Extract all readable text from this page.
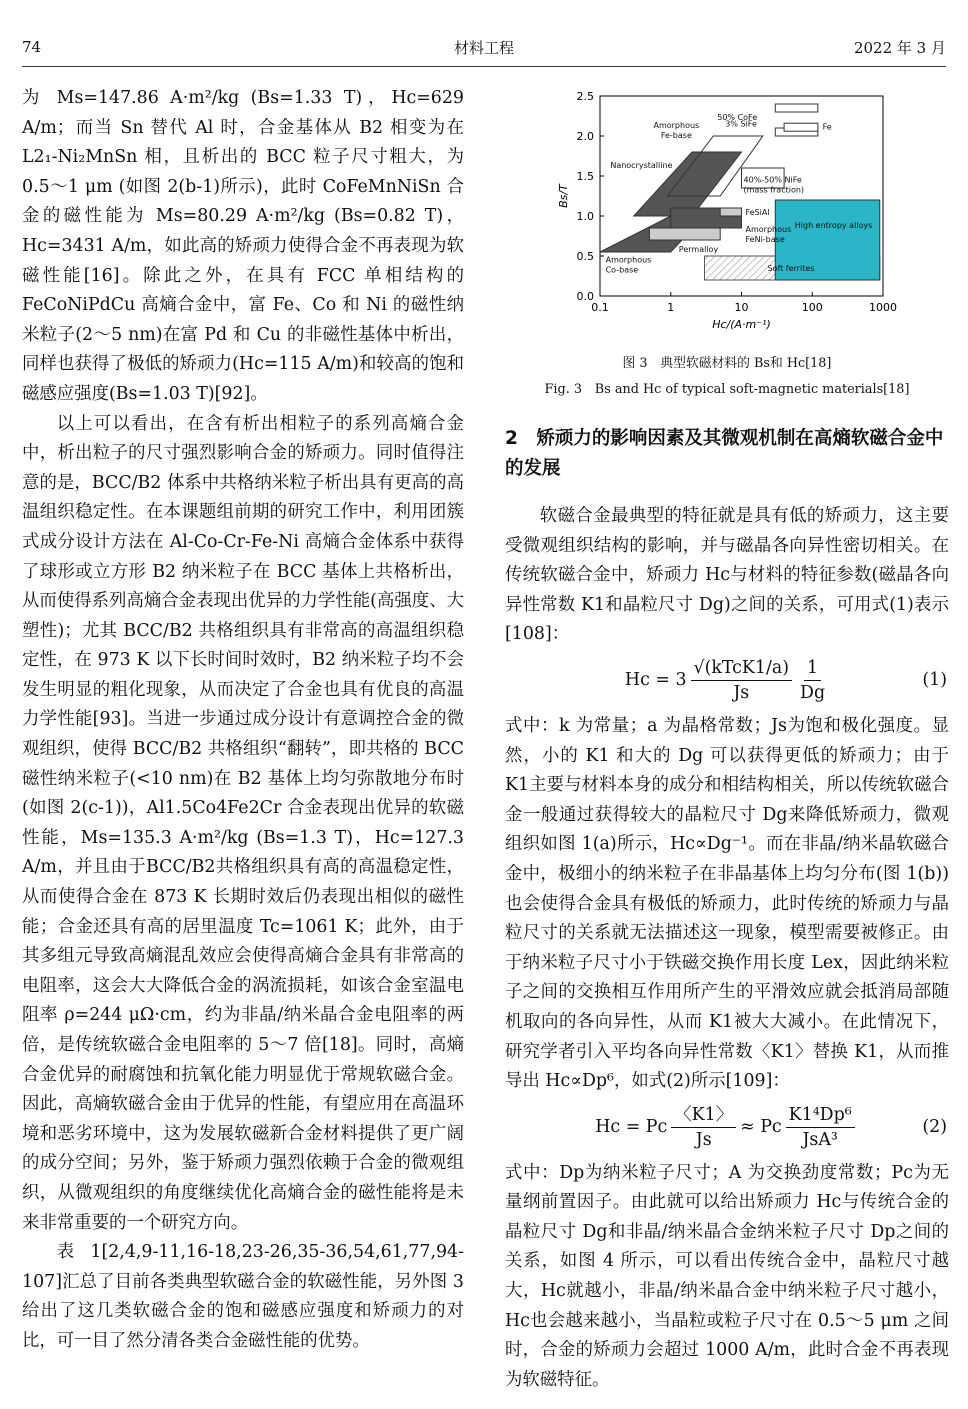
74	材料工程	2022 年 3 月

为 Ms=147.86 A·m²/kg (Bs=1.33 T)，Hc=629 A/m；而当 Sn 替代 Al 时，合金基体从 B2 相变为在 L2₁-Ni₂MnSn 相，且析出的 BCC 粒子尺寸粗大，为 0.5～1 μm (如图 2(b-1)所示)，此时 CoFeMnNiSn 合金的磁性能为 Ms=80.29 A·m²/kg (Bs=0.82 T)，Hc=3431 A/m，如此高的矫顽力使得合金不再表现为软磁性能[16]。除此之外，在具有 FCC 单相结构的 FeCoNiPdCu 高熵合金中，富 Fe、Co 和 Ni 的磁性纳米粒子(2～5 nm)在富 Pd 和 Cu 的非磁性基体中析出，同样也获得了极低的矫顽力(Hc=115 A/m)和较高的饱和磁感应强度(Bs=1.03 T)[92]。

以上可以看出，在含有析出相粒子的系列高熵合金中，析出粒子的尺寸强烈影响合金的矫顽力。同时值得注意的是，BCC/B2 体系中共格纳米粒子析出具有更高的高温组织稳定性。在本课题组前期的研究工作中，利用团簇式成分设计方法在 Al-Co-Cr-Fe-Ni 高熵合金体系中获得了球形或立方形 B2 纳米粒子在 BCC 基体上共格析出，从而使得系列高熵合金表现出优异的力学性能(高强度、大塑性)；尤其 BCC/B2 共格组织具有非常高的高温组织稳定性，在 973 K 以下长时间时效时，B2 纳米粒子均不会发生明显的粗化现象，从而决定了合金也具有优良的高温力学性能[93]。当进一步通过成分设计有意调控合金的微观组织，使得 BCC/B2 共格组织“翻转”，即共格的 BCC 磁性纳米粒子(<10 nm)在 B2 基体上均匀弥散地分布时(如图 2(c-1))，Al1.5Co4Fe2Cr 合金表现出优异的软磁性能，Ms=135.3 A·m²/kg (Bs=1.3 T)，Hc=127.3 A/m，并且由于BCC/B2共格组织具有高的高温稳定性，从而使得合金在 873 K 长期时效后仍表现出相似的磁性能；合金还具有高的居里温度 Tc=1061 K；此外，由于其多组元导致高熵混乱效应会使得高熵合金具有非常高的电阻率，这会大大降低合金的涡流损耗，如该合金室温电阻率 ρ=244 μΩ·cm，约为非晶/纳米晶合金电阻率的两倍，是传统软磁合金电阻率的 5～7 倍[18]。同时，高熵合金优异的耐腐蚀和抗氧化能力明显优于常规软磁合金。因此，高熵软磁合金由于优异的性能，有望应用在高温环境和恶劣环境中，这为发展软磁新合金材料提供了更广阔的成分空间；另外，鉴于矫顽力强烈依赖于合金的微观组织，从微观组织的角度继续优化高熵合金的磁性能将是未来非常重要的一个研究方向。

表 1[2,4,9-11,16-18,23-26,35-36,54,61,77,94-107]汇总了目前各类典型软磁合金的软磁性能，另外图 3 给出了这几类软磁合金的饱和磁感应强度和矫顽力的对比，可一目了然分清各类合金磁性能的优势。

0.0
0.5
1.0
1.5
2.0
2.5
0.1	1	10	100	1000
Hc/(A·m⁻¹)
Bs/T
50% CoFe
3% SiFe	Fe
Amorphous
Fe-base
Nanocrystalline
40%-50% NiFe
(mass fraction)
FeSiAl
Amorphous
FeNi-base
Permalloy
High entropy alloys
Amorphous
Co-base	Soft ferrites
图 3　典型软磁材料的 Bs和 Hc[18]
Fig. 3　Bs and Hc of typical soft-magnetic materials[18]
2　矫顽力的影响因素及其微观机制在高熵软磁合金中的发展

软磁合金最典型的特征就是具有低的矫顽力，这主要受微观组织结构的影响，并与磁晶各向异性密切相关。在传统软磁合金中，矫顽力 Hc与材料的特征参数(磁晶各向异性常数 K1和晶粒尺寸 Dg)之间的关系，可用式(1)表示[108]：

$Hc = 3 \frac{\text{√(kTcK1/a)}}{Js} \frac{1}{Dg}$	(1)

式中：k 为常量；a 为晶格常数；Js为饱和极化强度。显然，小的 K1 和大的 Dg 可以获得更低的矫顽力；由于 K1主要与材料本身的成分和相结构相关，所以传统软磁合金一般通过获得较大的晶粒尺寸 Dg来降低矫顽力，微观组织如图 1(a)所示，Hc∝Dg⁻¹。而在非晶/纳米晶软磁合金中，极细小的纳米粒子在非晶基体上均匀分布(图 1(b))也会使得合金具有极低的矫顽力，此时传统的矫顽力与晶粒尺寸的关系就无法描述这一现象，模型需要被修正。由于纳米粒子尺寸小于铁磁交换作用长度 Lex，因此纳米粒子之间的交换相互作用所产生的平滑效应就会抵消局部随机取向的各向异性，从而 K1被大大减小。在此情况下，研究学者引入平均各向异性常数〈K1〉替换 K1，从而推导出 Hc∝Dp⁶，如式(2)所示[109]：

Hc = Pc $\frac{〈K1〉}{Js} \approx Pc \frac{\text{K1⁴Dp⁶}}{\text{JsA³}}$	(2)

式中：Dp为纳米粒子尺寸；A 为交换劲度常数；Pc为无量纲前置因子。由此就可以给出矫顽力 Hc与传统合金的晶粒尺寸 Dg和非晶/纳米晶合金纳米粒子尺寸 Dp之间的关系，如图 4 所示，可以看出传统合金中，晶粒尺寸越大，Hc就越小，非晶/纳米晶合金中纳米粒子尺寸越小，Hc也会越来越小，当晶粒或粒子尺寸在 0.5～5 μm 之间时，合金的矫顽力会超过 1000 A/m，此时合金不再表现为软磁特征。
